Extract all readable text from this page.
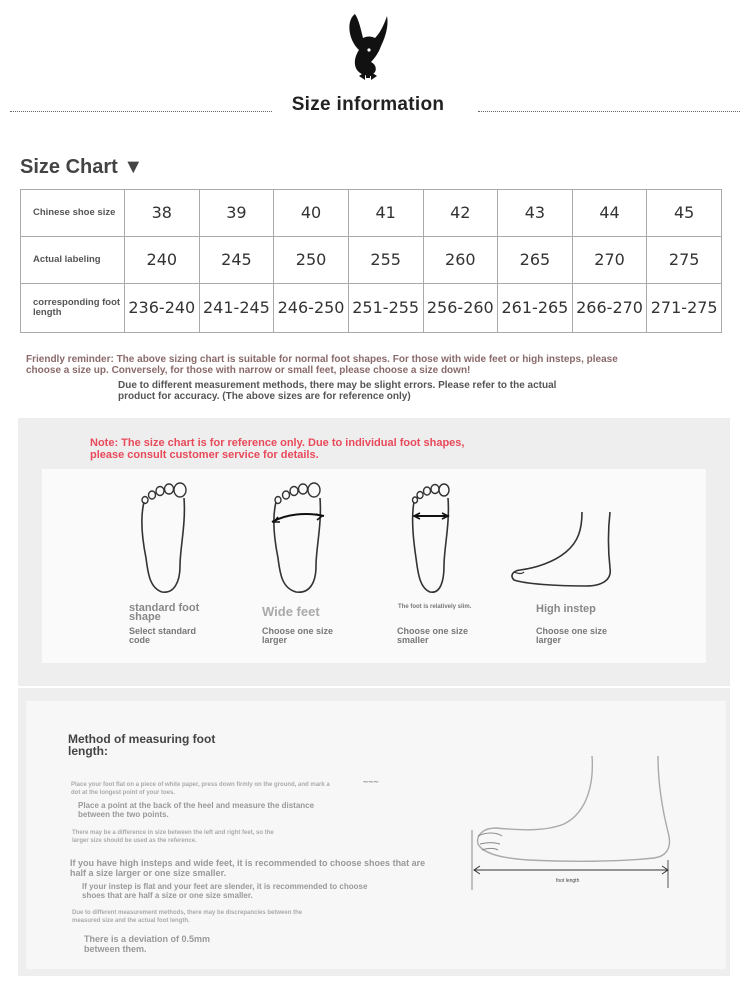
Size information
Size Chart ▼
Chinese shoe size	38	39	40	41	42	43	44	45
Actual labeling	240	245	250	255	260	265	270	275
corresponding foot length	236-240	241-245	246-250	251-255	256-260	261-265	266-270	271-275
Friendly reminder: The above sizing chart is suitable for normal foot shapes. For those with wide feet or high insteps, please choose a size up. Conversely, for those with narrow or small feet, please choose a size down!
Due to different measurement methods, there may be slight errors. Please refer to the actual product for accuracy. (The above sizes are for reference only)
Note: The size chart is for reference only. Due to individual foot shapes, please consult customer service for details.
standard foot shape
Select standard code
Wide feet
Choose one size larger
The foot is relatively slim.
Choose one size smaller
High instep
Choose one size larger
Method of measuring foot length:
Place your foot flat on a piece of white paper, press down firmly on the ground, and mark a dot at the longest point of your toes.
Place a point at the back of the heel and measure the distance between the two points.
There may be a difference in size between the left and right feet, so the larger size should be used as the reference.
If you have high insteps and wide feet, it is recommended to choose shoes that are half a size larger or one size smaller.
If your instep is flat and your feet are slender, it is recommended to choose shoes that are half a size or one size smaller.
Due to different measurement methods, there may be discrepancies between the measured size and the actual foot length.
There is a deviation of 0.5mm between them.
~~~
foot length
